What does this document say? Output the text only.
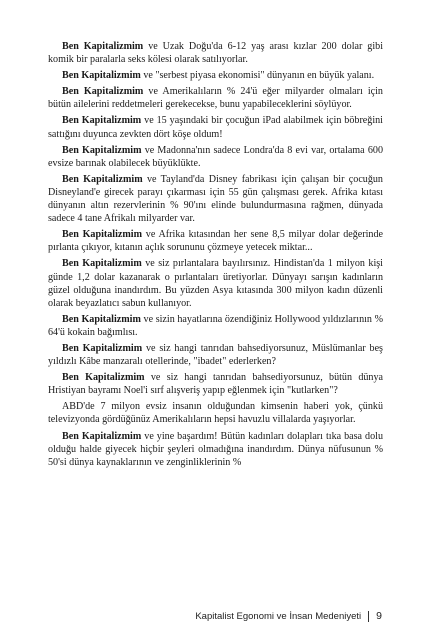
Ben Kapitalizmim ve Uzak Doğu'da 6-12 yaş arası kızlar 200 dolar gibi komik bir paralarla seks kölesi olarak satılıyorlar.

Ben Kapitalizmim ve "serbest piyasa ekonomisi" dünyanın en büyük yalanı.

Ben Kapitalizmim ve Amerikalıların % 24'ü eğer milyarder olmaları için bütün ailelerini reddetmeleri gerekecekse, bunu yapabileceklerini söylüyor.

Ben Kapitalizmim ve 15 yaşındaki bir çocuğun iPad alabilmek için böbreğini sattığını duyunca zevkten dört köşe oldum!

Ben Kapitalizmim ve Madonna'nın sadece Londra'da 8 evi var, ortalama 600 evsize barınak olabilecek büyüklükte.

Ben Kapitalizmim ve Tayland'da Disney fabrikası için çalışan bir çocuğun Disneyland'e girecek parayı çıkarması için 55 gün çalışması gerek. Afrika kıtası dünyanın altın rezervlerinin % 90'ını elinde bulundurmasına rağmen, dünyada sadece 4 tane Afrikalı milyarder var.

Ben Kapitalizmim ve Afrika kıtasından her sene 8,5 milyar dolar değerinde pırlanta çıkıyor, kıtanın açlık sorununu çözmeye yetecek miktar...

Ben Kapitalizmim ve siz pırlantalara bayılırsınız. Hindistan'da 1 milyon kişi günde 1,2 dolar kazanarak o pırlantaları üretiyorlar. Dünyayı sarışın kadınların güzel olduğuna inandırdım. Bu yüzden Asya kıtasında 300 milyon kadın düzenli olarak beyazlatıcı sabun kullanıyor.

Ben Kapitalizmim ve sizin hayatlarına özendiğiniz Hollywood yıldızlarının % 64'ü kokain bağımlısı.

Ben Kapitalizmim ve siz hangi tanrıdan bahsediyorsunuz, Müslümanlar beş yıldızlı Kâbe manzaralı otellerinde, "ibadet" ederlerken?

Ben Kapitalizmim ve siz hangi tanrıdan bahsediyorsunuz, bütün dünya Hristiyan bayramı Noel'i sırf alışveriş yapıp eğlenmek için "kutlarken"?

ABD'de 7 milyon evsiz insanın olduğundan kimsenin haberi yok, çünkü televizyonda gördüğünüz Amerikalıların hepsi havuzlu villalarda yaşıyorlar.

Ben Kapitalizmim ve yine başardım! Bütün kadınları dolapları tıka basa dolu olduğu halde giyecek hiçbir şeyleri olmadığına inandırdım. Dünya nüfusunun % 50'si dünya kaynaklarının ve zenginliklerinin %

Kapitalist Egonomi ve İnsan Medeniyeti 9
